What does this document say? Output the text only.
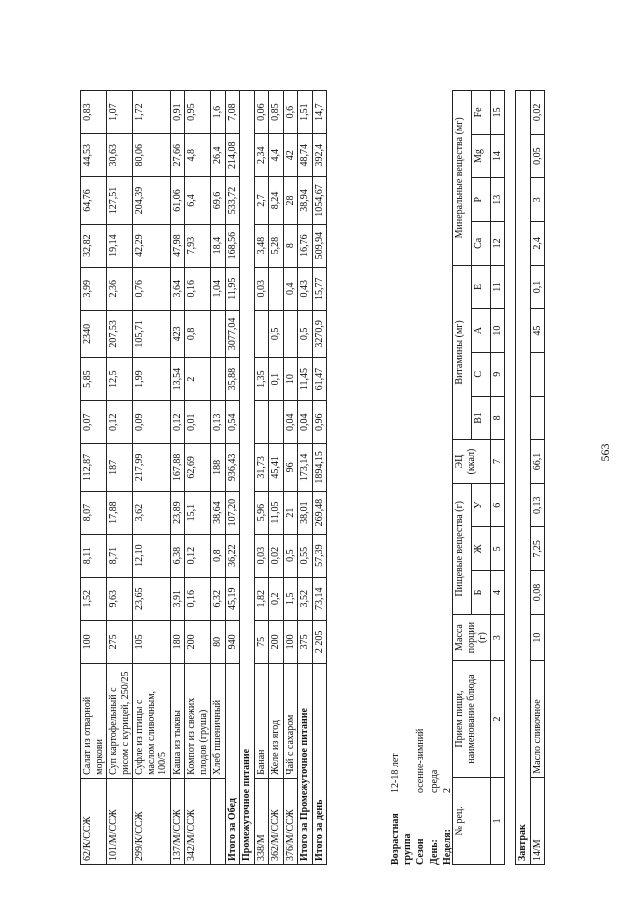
62/К/ССЖ	Салат из отварной моркови	100	1,52	8,11	8,07	112,87	0,07	5,85	2340	3,99	32,82	64,76	44,53	0,83
101/М/ССЖ	Суп картофельный с рисом с курицей, 250/25	275	9,63	8,71	17,88	187	0,12	12,5	207,53	2,36	19,14	127,51	30,63	1,07
299/К/ССЖ	Суфле из птицы с маслом сливочным, 100/5	105	23,65	12,10	3,62	217,99	0,09	1,99	105,71	0,76	42,29	204,39	80,06	1,72
137/М/ССЖ	Каша из тыквы	180	3,91	6,38	23,89	167,88	0,12	13,54	423	3,64	47,98	61,06	27,66	0,91
342/М/ССЖ	Компот из свежих плодов (груша)	200	0,16	0,12	15,1	62,69	0,01	2	0,8	0,16	7,93	6,4	4,8	0,95
	Хлеб пшеничный	80	6,32	0,8	38,64	188	0,13			1,04	18,4	69,6	26,4	1,6
Итого за Обед		940	45,19	36,22	107,20	936,43	0,54	35,88	3077,04	11,95	168,56	533,72	214,08	7,08
Промежуточное питание														
338/М	Банан	75	1,82	0,03	5,96	31,73		1,35		0,03	3,48	2,7	2,34	0,06
362/М/ССЖ	Желе из ягод	200	0,2	0,02	11,05	45,41		0,1	0,5		5,28	8,24	4,4	0,85
376/М/ССЖ	Чай с сахаром	100	1,5	0,5	21	96	0,04	10		0,4	8	28	42	0,6
Итого за Промежуточное питание		375	3,52	0,55	38,01	173,14	0,04	11,45	0,5	0,43	16,76	38,94	48,74	1,51
Итого за день		2 205	73,14	57,39	269,48	1894,15	0,96	61,47	3270,9	15,77	509,94	1054,67	392,4	14,7
Возрастная группа	12-18 лет
Сезон	осенне-зимний
День:	среда
Неделя:	2
№ рец.	Прием пищи, наименование блюда	Масса порции (г)	Пищевые вещества (г)			ЭЦ (ккал)	Витамины (мг)				Минеральные вещества (мг)			
			Б	Ж	У		В1	С	А	Е	Са	Р	Мg	Fe
1	2	3	4	5	6	7	8	9	10	11	12	13	14	15

Завтрак														
14/М	Масло сливочное	10	0,08	7,25	0,13	66,1			45	0,1	2,4	3	0,05	0,02
563
